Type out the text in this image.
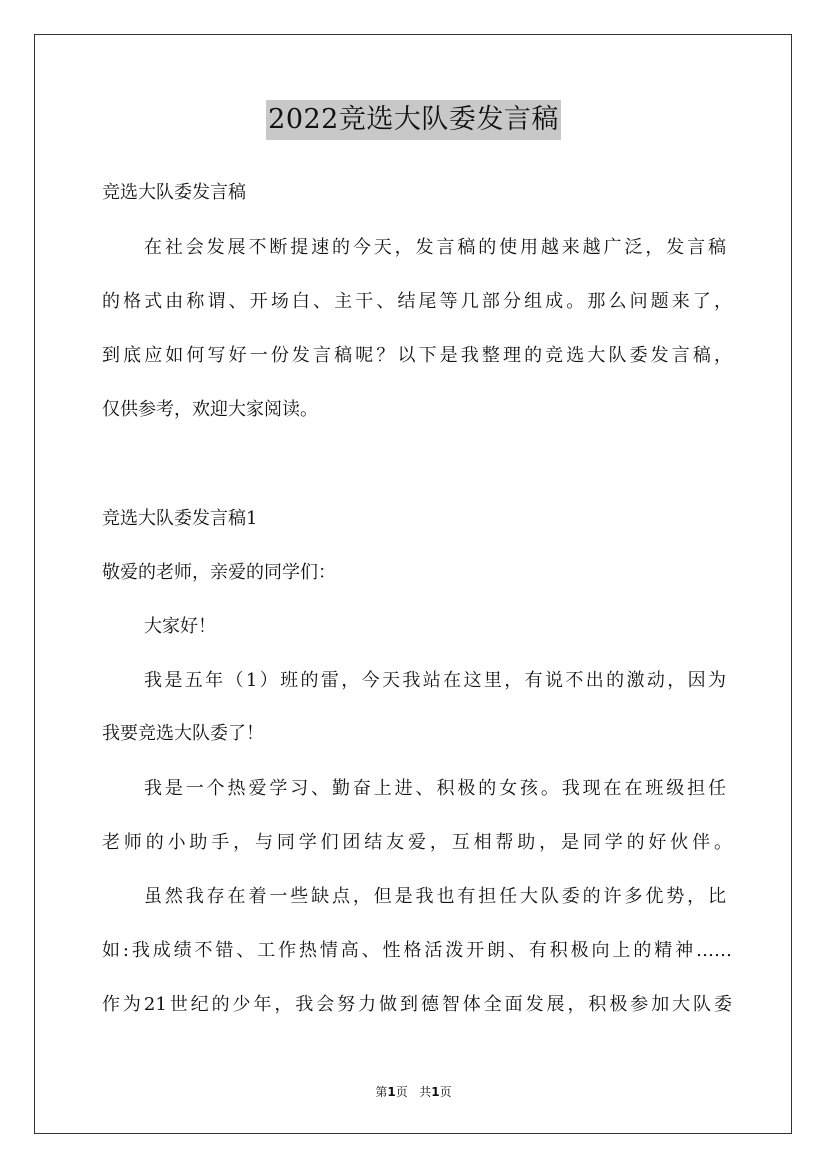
2022竞选大队委发言稿
竞选大队委发言稿
在社会发展不断提速的今天，发言稿的使用越来越广泛，发言稿
的格式由称谓、开场白、主干、结尾等几部分组成。那么问题来了，
到底应如何写好一份发言稿呢？以下是我整理的竞选大队委发言稿，
仅供参考，欢迎大家阅读。
竞选大队委发言稿1
敬爱的老师，亲爱的同学们：
大家好！
我是五年（1）班的雷，今天我站在这里，有说不出的激动，因为
我要竞选大队委了！
我是一个热爱学习、勤奋上进、积极的女孩。我现在在班级担任
老师的小助手，与同学们团结友爱，互相帮助，是同学的好伙伴。
虽然我存在着一些缺点，但是我也有担任大队委的许多优势，比
如:我成绩不错、工作热情高、性格活泼开朗、有积极向上的精神……
作为21世纪的少年，我会努力做到德智体全面发展，积极参加大队委
第1页 共1页
